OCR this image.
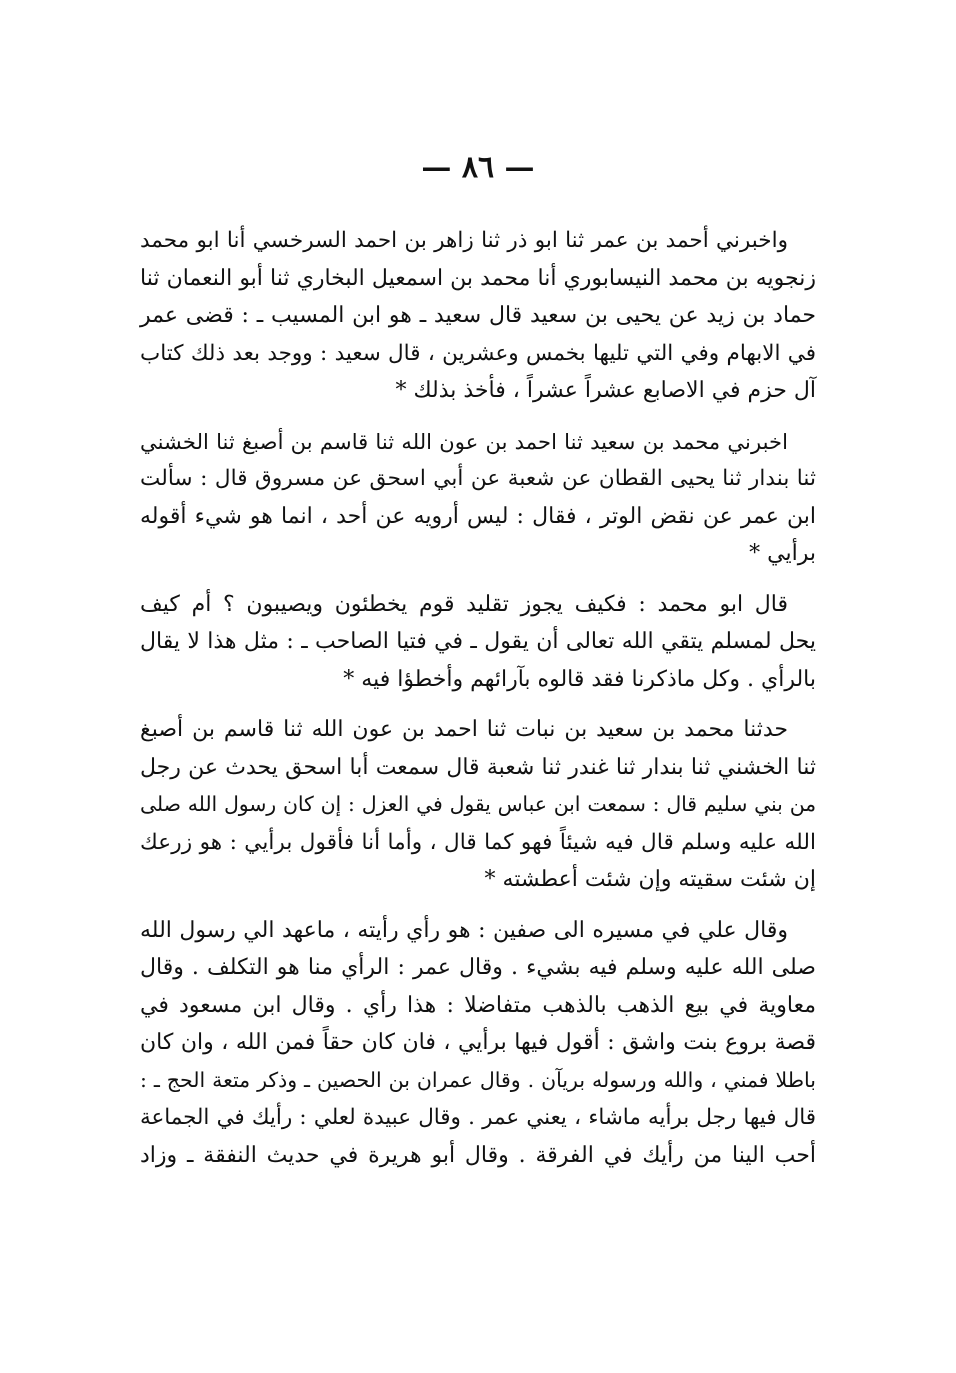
— ٨٦ —
واخبرني أحمد بن عمر ثنا ابو ذر ثنا زاهر بن احمد السرخسي أنا ابو محمد
زنجويه بن محمد النيسابوري أنا محمد بن اسمعيل البخاري ثنا أبو النعمان ثنا
حماد بن زيد عن يحيى بن سعيد قال سعيد ـ هو ابن المسيب ـ : قضى عمر
في الابهام وفي التي تليها بخمس وعشرين ، قال سعيد : ووجد بعد ذلك كتاب
آل حزم في الاصابع عشراً عشراً ، فأخذ بذلك *
اخبرني محمد بن سعيد ثنا احمد بن عون الله ثنا قاسم بن أصبغ ثنا الخشني
ثنا بندار ثنا يحيى القطان عن شعبة عن أبي اسحق عن مسروق قال : سألت
ابن عمر عن نقض الوتر ، فقال : ليس أرويه عن أحد ، انما هو شيء أقوله
برأيي *
قال ابو محمد : فكيف يجوز تقليد قوم يخطئون ويصيبون ؟ أم كيف
يحل لمسلم يتقي الله تعالى أن يقول ـ في فتيا الصاحب ـ : مثل هذا لا يقال
بالرأي . وكل ماذكرنا فقد قالوه بآرائهم وأخطؤا فيه *
حدثنا محمد بن سعيد بن نبات ثنا احمد بن عون الله ثنا قاسم بن أصبغ
ثنا الخشني ثنا بندار ثنا غندر ثنا شعبة قال سمعت أبا اسحق يحدث عن رجل
من بني سليم قال : سمعت ابن عباس يقول في العزل : إن كان رسول الله صلى
الله عليه وسلم قال فيه شيئاً فهو كما قال ، وأما أنا فأقول برأيي : هو زرعك
إن شئت سقيته وإن شئت أعطشته *
وقال علي في مسيره الى صفين : هو رأي رأيته ، ماعهد الي رسول الله
صلى الله عليه وسلم فيه بشيء . وقال عمر : الرأي منا هو التكلف . وقال
معاوية في بيع الذهب بالذهب متفاضلا : هذا رأي . وقال ابن مسعود في
قصة بروع بنت واشق : أقول فيها برأيي ، فان كان حقاً فمن الله ، وان كان
باطلا فمني ، والله ورسوله بريآن . وقال عمران بن الحصين ـ وذكر متعة الحج ـ :
قال فيها رجل برأيه ماشاء ، يعني عمر . وقال عبيدة لعلي : رأيك في الجماعة
أحب الينا من رأيك في الفرقة . وقال أبو هريرة في حديث النفقة ـ وزاد
